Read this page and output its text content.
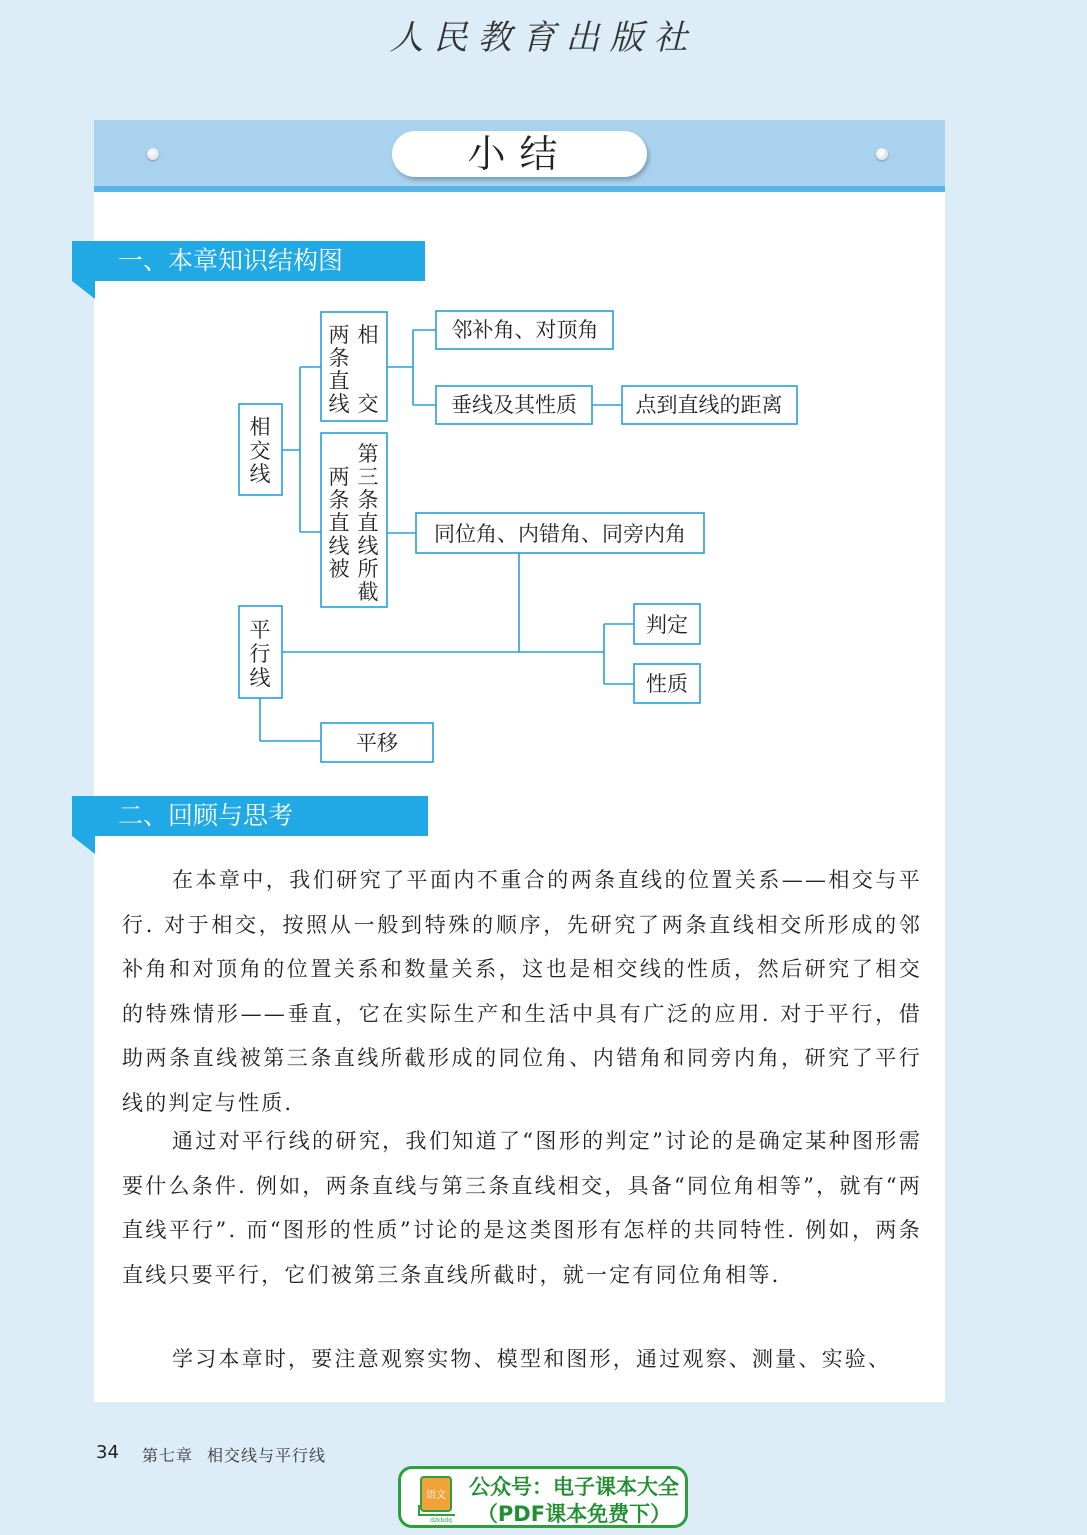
人民教育出版社
小结
一、本章知识结构图
相
交
线
两
条
直
线
相
交
两
条
直
线
被
第
三
条
直
线
所
截
邻补角、对顶角
垂线及其性质	点到直线的距离
同位角、内错角、同旁内角
平
行
线
判定
性质
平移
二、回顾与思考

在本章中，我们研究了平面内不重合的两条直线的位置关系——相交与平行. 对于相交，按照从一般到特殊的顺序，先研究了两条直线相交所形成的邻补角和对顶角的位置关系和数量关系，这也是相交线的性质，然后研究了相交的特殊情形——垂直，它在实际生产和生活中具有广泛的应用. 对于平行，借助两条直线被第三条直线所截形成的同位角、内错角和同旁内角，研究了平行线的判定与性质.

通过对平行线的研究，我们知道了“图形的判定”讨论的是确定某种图形需要什么条件. 例如，两条直线与第三条直线相交，具备“同位角相等”，就有“两直线平行”. 而“图形的性质”讨论的是这类图形有怎样的共同特性. 例如，两条直线只要平行，它们被第三条直线所截时，就一定有同位角相等.

学习本章时，要注意观察实物、模型和图形，通过观察、测量、实验、

34 第七章 相交线与平行线
语文
dzkbdq
公众号：电子课本大全
（PDF课本免费下）
